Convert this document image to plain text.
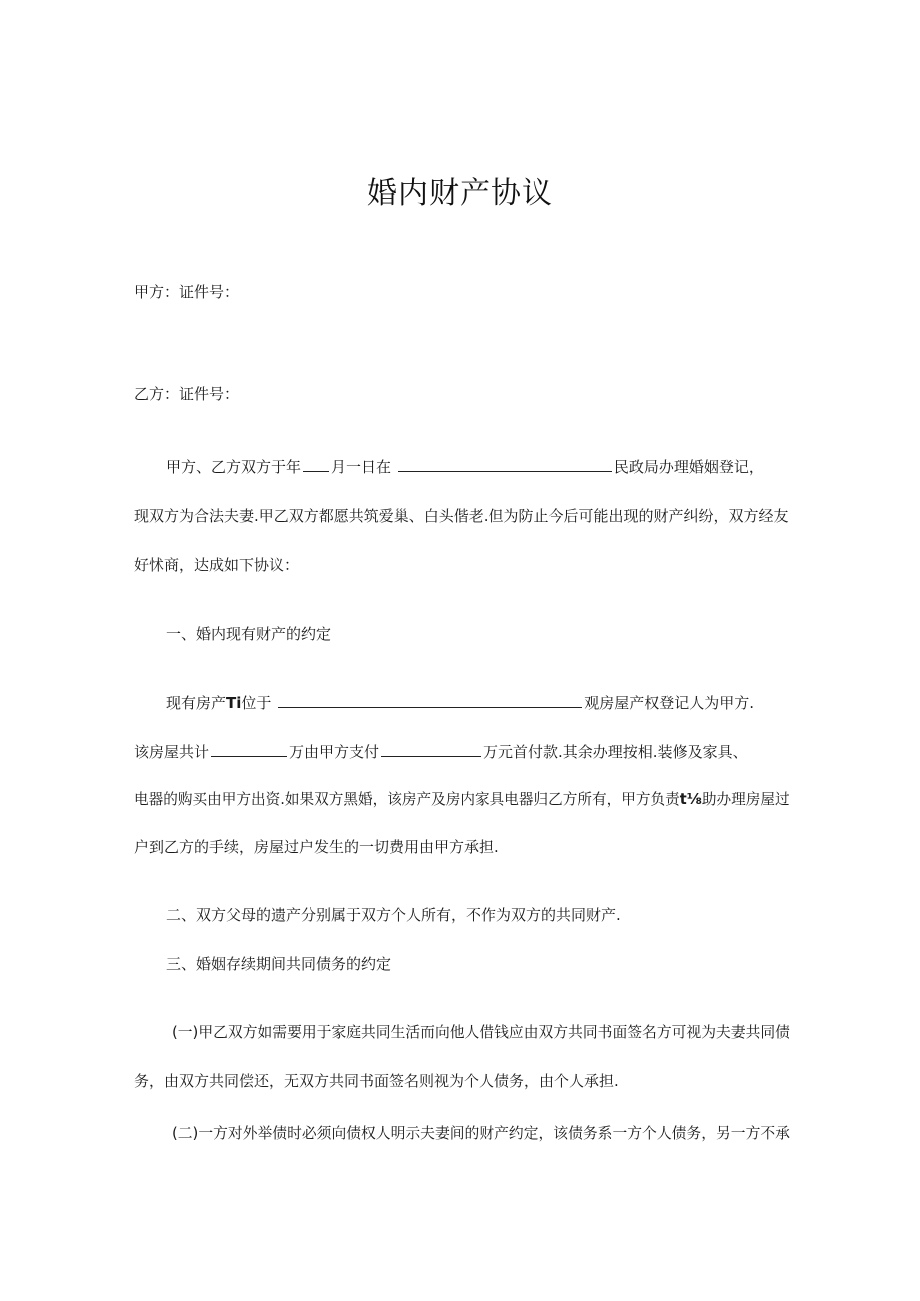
婚内财产协议
甲方：证件号：
乙方：证件号：
甲方、乙方双方于年 月一日在	民政局办理婚姻登记，
现双方为合法夫妻.甲乙双方都愿共筑爱巢、白头偕老.但为防止今后可能出现的财产纠纷，双方经友
好怵商，达成如下协议：
一、婚内现有财产的约定
现有房产Ti位于	观房屋产权登记人为甲方.
该房屋共计	万由甲方支付	万元首付款.其余办理按相.装修及家具、
电器的购买由甲方出资.如果双方黑婚，该房产及房内家具电器归乙方所有，甲方负责t⅛助办理房屋过
户到乙方的手续，房屋过户发生的一切费用由甲方承担.
二、双方父母的遗产分别属于双方个人所有，不作为双方的共同财产.
三、婚姻存续期间共同债务的约定
(一)甲乙双方如需要用于家庭共同生活而向他人借钱应由双方共同书面签名方可视为夫妻共同债
务，由双方共同偿还，无双方共同书面签名则视为个人债务，由个人承担.
(二)一方对外举债时必须向债权人明示夫妻间的财产约定，该债务系一方个人债务，另一方不承
